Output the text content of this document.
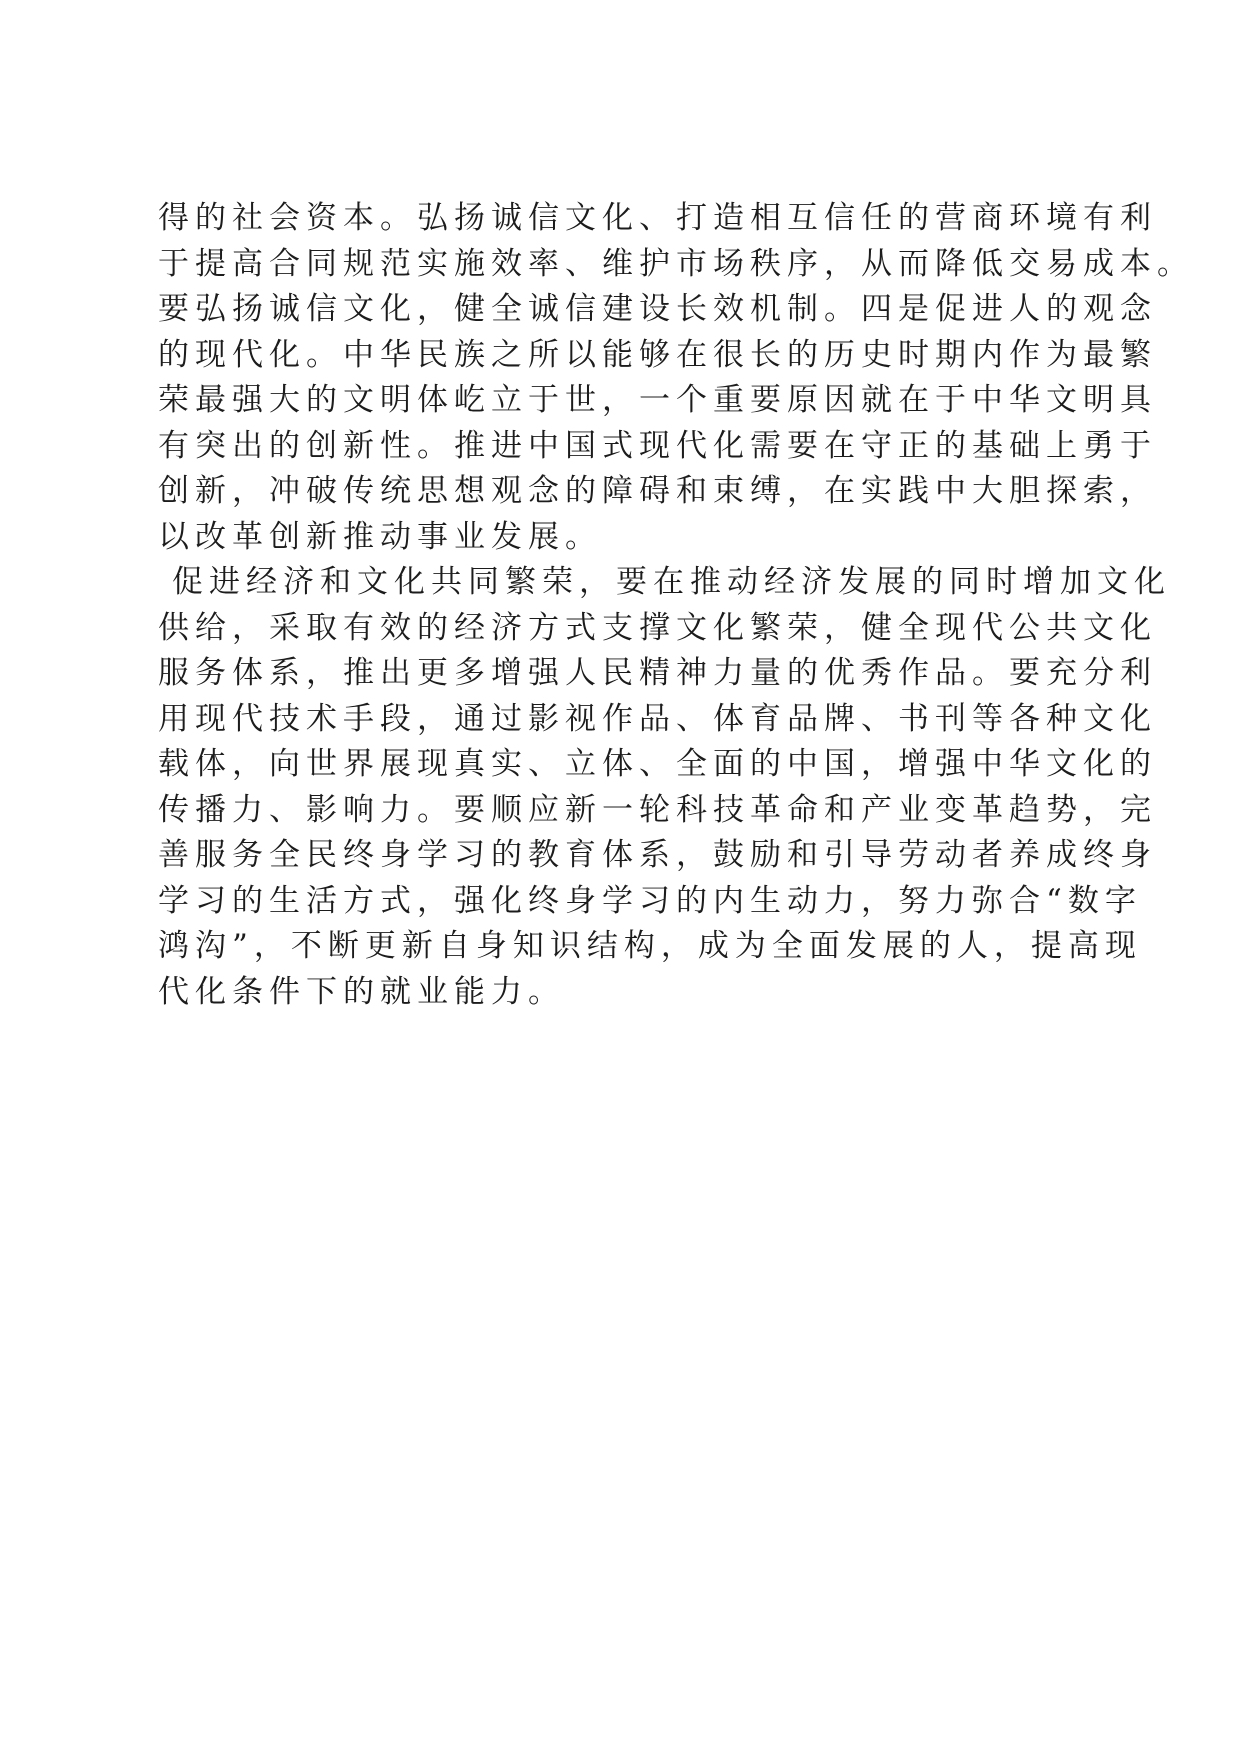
得的社会资本。弘扬诚信文化、打造相互信任的营商环境有利
于提高合同规范实施效率、维护市场秩序，从而降低交易成本。
要弘扬诚信文化，健全诚信建设长效机制。四是促进人的观念
的现代化。中华民族之所以能够在很长的历史时期内作为最繁
荣最强大的文明体屹立于世，一个重要原因就在于中华文明具
有突出的创新性。推进中国式现代化需要在守正的基础上勇于
创新，冲破传统思想观念的障碍和束缚，在实践中大胆探索，
以改革创新推动事业发展。
促进经济和文化共同繁荣，要在推动经济发展的同时增加文化
供给，采取有效的经济方式支撑文化繁荣，健全现代公共文化
服务体系，推出更多增强人民精神力量的优秀作品。要充分利
用现代技术手段，通过影视作品、体育品牌、书刊等各种文化
载体，向世界展现真实、立体、全面的中国，增强中华文化的
传播力、影响力。要顺应新一轮科技革命和产业变革趋势，完
善服务全民终身学习的教育体系，鼓励和引导劳动者养成终身
学习的生活方式，强化终身学习的内生动力，努力弥合“数字
鸿沟”，不断更新自身知识结构，成为全面发展的人，提高现
代化条件下的就业能力。
